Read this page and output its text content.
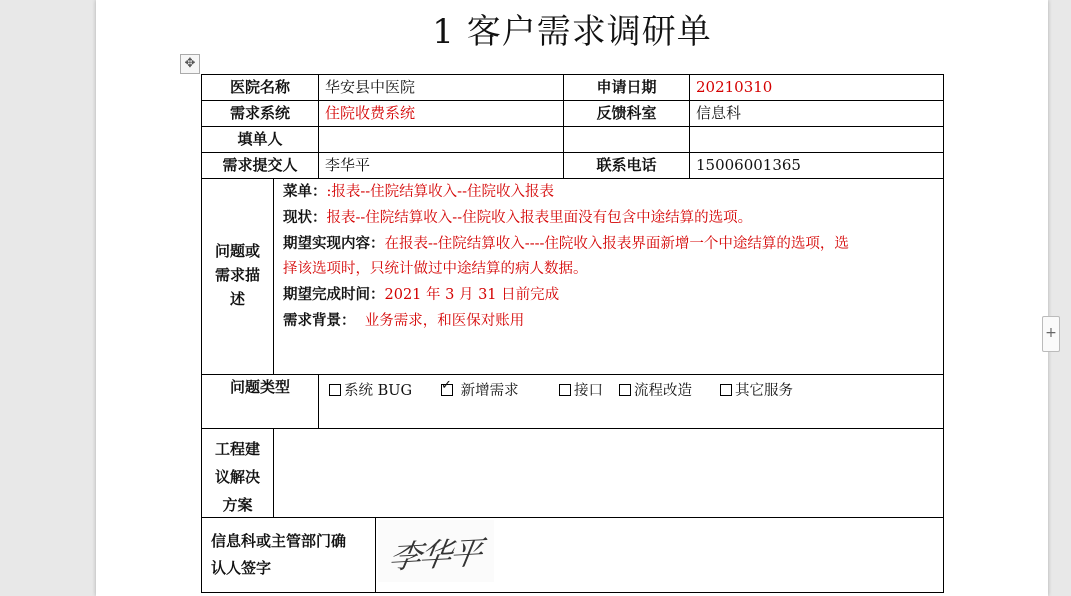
1 客户需求调研单
✥
+
医院名称	华安县中医院	申请日期	20210310
需求系统	住院收费系统	反馈科室	信息科
填单人
需求提交人	李华平	联系电话	15006001365
问题或
需求描
述
菜单：:报表--住院结算收入--住院收入报表
现状：报表--住院结算收入--住院收入报表里面没有包含中途结算的选项。
期望实现内容：在报表--住院结算收入----住院收入报表界面新增一个中途结算的选项，选
择该选项时，只统计做过中途结算的病人数据。
期望完成时间：2021 年 3 月 31 日前完成
需求背景：  业务需求，和医保对账用
问题类型	系统 BUG
✓	新增需求	接口	流程改造	其它服务
工程建
议解决
方案
信息科或主管部门确
认人签字	李华平
